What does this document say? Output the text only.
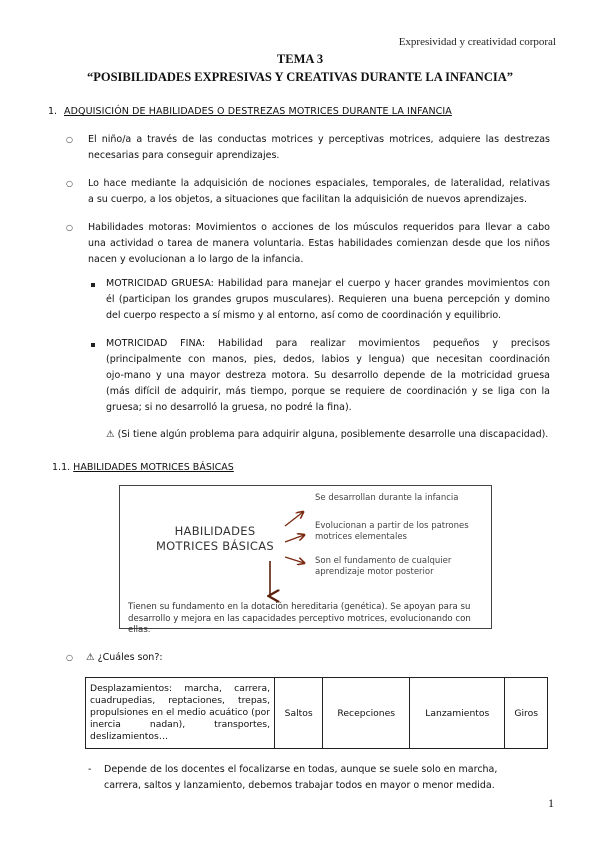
Expresividad y creatividad corporal
TEMA 3
“POSIBILIDADES EXPRESIVAS Y CREATIVAS DURANTE LA INFANCIA”
1. ADQUISICIÓN DE HABILIDADES O DESTREZAS MOTRICES DURANTE LA INFANCIA
○ El niño/a a través de las conductas motrices y perceptivas motrices, adquiere las destrezas
necesarias para conseguir aprendizajes.
○ Lo hace mediante la adquisición de nociones espaciales, temporales, de lateralidad, relativas
a su cuerpo, a los objetos, a situaciones que facilitan la adquisición de nuevos aprendizajes.
○ Habilidades motoras: Movimientos o acciones de los músculos requeridos para llevar a cabo
una actividad o tarea de manera voluntaria. Estas habilidades comienzan desde que los niños
nacen y evolucionan a lo largo de la infancia.
MOTRICIDAD GRUESA: Habilidad para manejar el cuerpo y hacer grandes movimientos con
él (participan los grandes grupos musculares). Requieren una buena percepción y domino
del cuerpo respecto a sí mismo y al entorno, así como de coordinación y equilibrio.
MOTRICIDAD FINA: Habilidad para realizar movimientos pequeños y precisos
(principalmente con manos, pies, dedos, labios y lengua) que necesitan coordinación
ojo-mano y una mayor destreza motora. Su desarrollo depende de la motricidad gruesa
(más difícil de adquirir, más tiempo, porque se requiere de coordinación y se liga con la
gruesa; si no desarrolló la gruesa, no podré la fina).
⚠ (Si tiene algún problema para adquirir alguna, posiblemente desarrolle una discapacidad).
1.1. HABILIDADES MOTRICES BÁSICAS
HABILIDADES
MOTRICES BÁSICAS
Se desarrollan durante la infancia
Evolucionan a partir de los patrones
motrices elementales
Son el fundamento de cualquier
aprendizaje motor posterior
Tienen su fundamento en la dotación hereditaria (genética). Se apoyan para su
desarrollo y mejora en las capacidades perceptivo motrices, evolucionando con ellas.
○ ⚠ ¿Cuáles son?:
Desplazamientos: marcha, carrera, cuadrupedias, reptaciones, trepas, propulsiones en el medio acuático (por inercia nadan), transportes, deslizamientos…	Saltos	Recepciones	Lanzamientos	Giros
- Depende de los docentes el focalizarse en todas, aunque se suele solo en marcha,
carrera, saltos y lanzamiento, debemos trabajar todos en mayor o menor medida.
1
